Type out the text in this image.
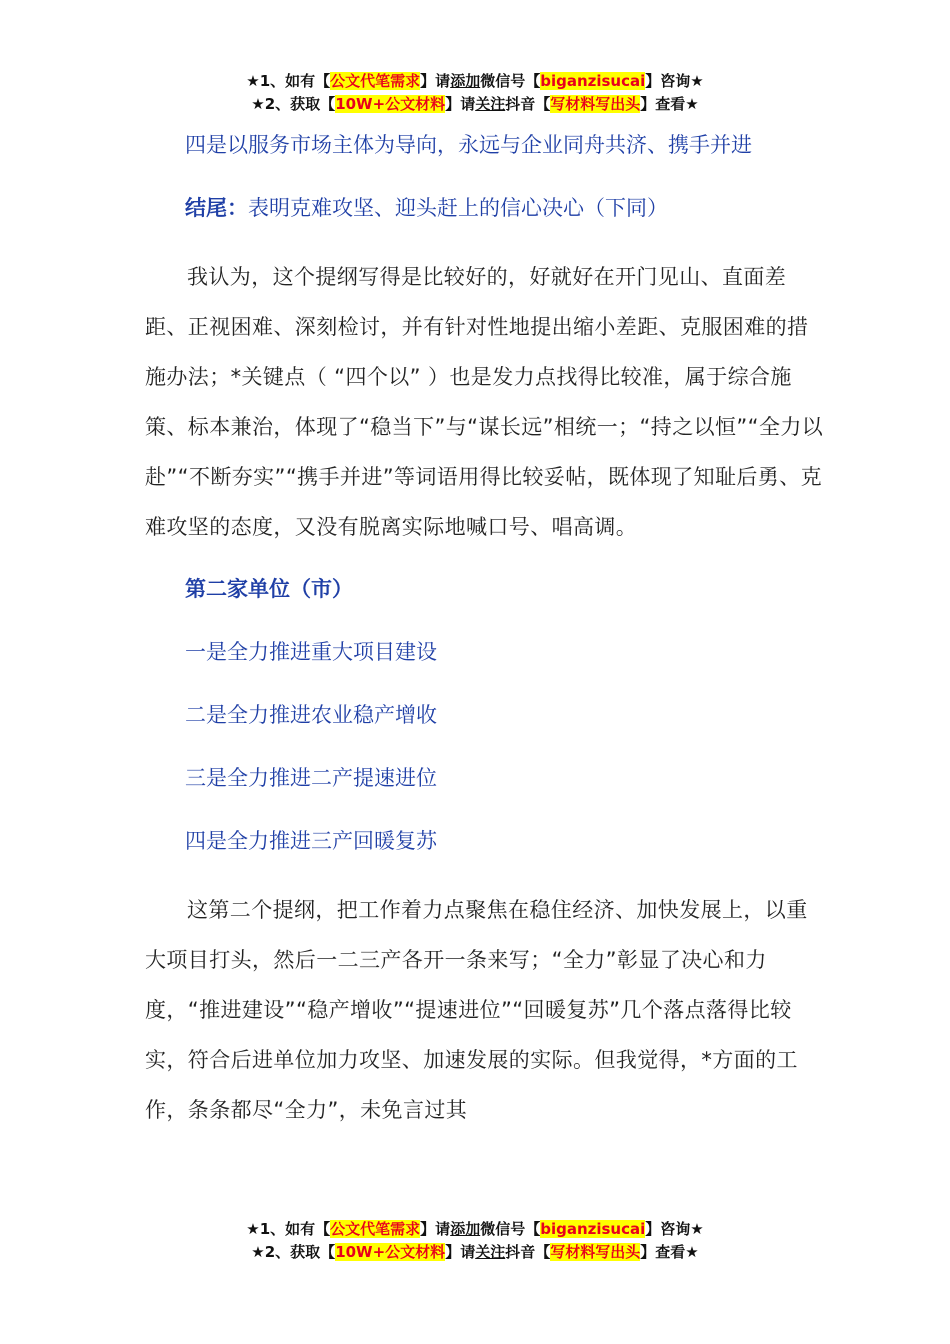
★1、如有【公文代笔需求】请添加微信号【biganzisucai】咨询★
★2、获取【10W+公文材料】请关注抖音【写材料写出头】查看★

四是以服务市场主体为导向，永远与企业同舟共济、携手并进

结尾：表明克难攻坚、迎头赶上的信心决心（下同）

我认为，这个提纲写得是比较好的，好就好在开门见山、直面差距、正视困难、深刻检讨，并有针对性地提出缩小差距、克服困难的措施办法；*关键点（ “四个以” ）也是发力点找得比较准，属于综合施策、标本兼治，体现了“稳当下”与“谋长远”相统一；“持之以恒”“全力以赴”“不断夯实”“携手并进”等词语用得比较妥帖，既体现了知耻后勇、克难攻坚的态度，又没有脱离实际地喊口号、唱高调。

第二家单位（市）

一是全力推进重大项目建设

二是全力推进农业稳产增收

三是全力推进二产提速进位

四是全力推进三产回暖复苏

这第二个提纲，把工作着力点聚焦在稳住经济、加快发展上，以重大项目打头，然后一二三产各开一条来写；“全力”彰显了决心和力度，“推进建设”“稳产增收”“提速进位”“回暖复苏”几个落点落得比较实，符合后进单位加力攻坚、加速发展的实际。但我觉得，*方面的工作，条条都尽“全力”，未免言过其

★1、如有【公文代笔需求】请添加微信号【biganzisucai】咨询★
★2、获取【10W+公文材料】请关注抖音【写材料写出头】查看★
